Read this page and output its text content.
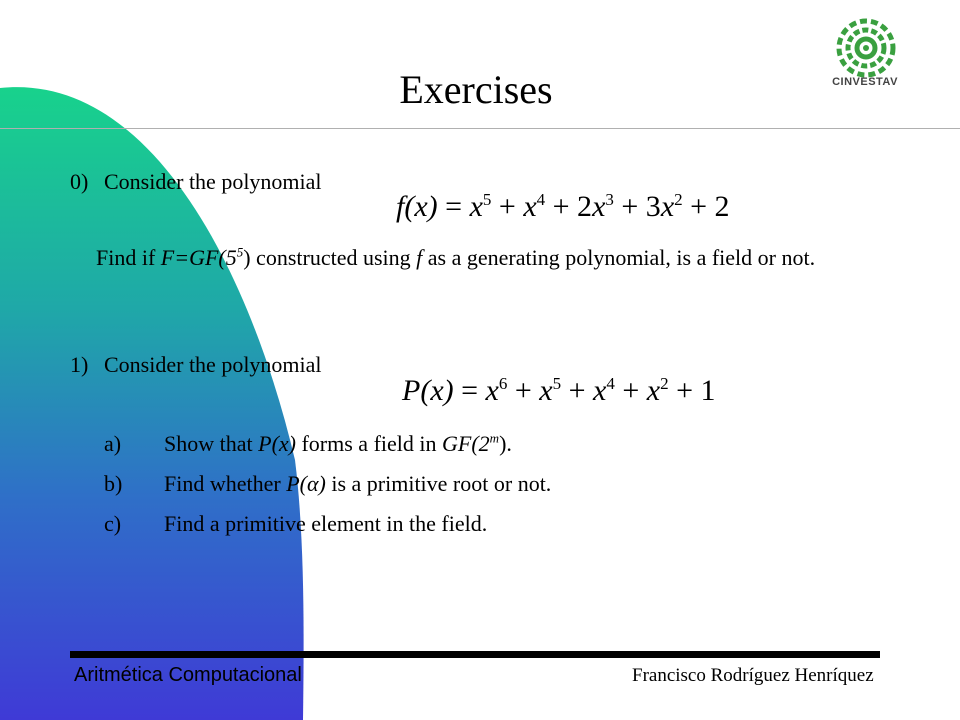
CINVESTAV
Exercises
0) Consider the polynomial
$f(x) = x^5 + x^4 + 2x^3 + 3x^2 + 2$
Find if $F=GF(5^5)$ constructed using f as a generating polynomial, is a field or not.
1) Consider the polynomial
$P(x) = x^6 + x^5 + x^4 + x^2 + 1$
a) Show that P(x) forms a field in GF(2$^m$).
b) Find whether P(α) is a primitive root or not.
c) Find a primitive element in the field.
Aritmética Computacional	Francisco Rodríguez Henríquez
